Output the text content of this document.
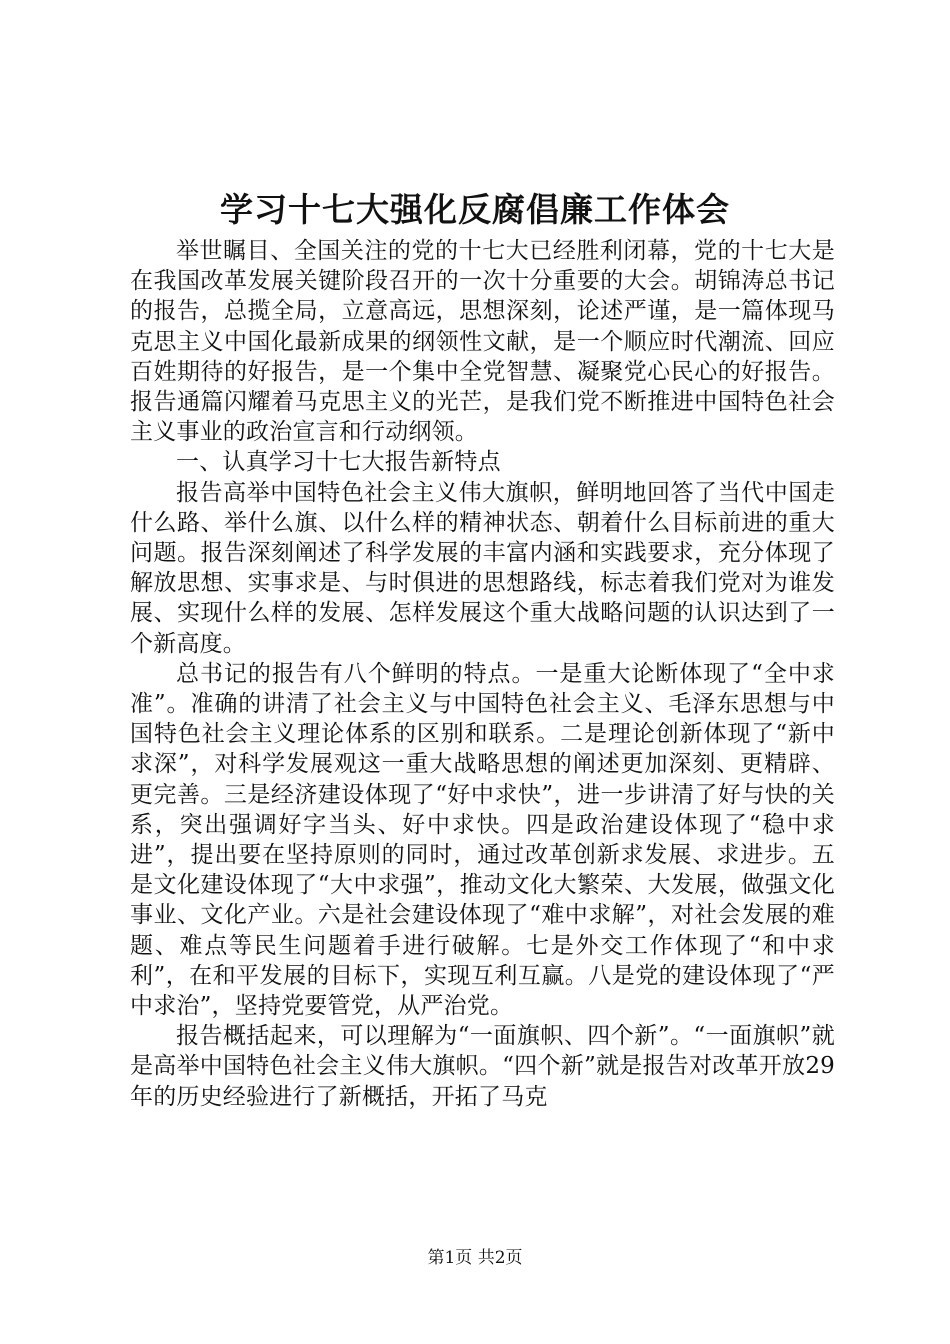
学习十七大强化反腐倡廉工作体会

举世瞩目、全国关注的党的十七大已经胜利闭幕，党的十七大是在我国改革发展关键阶段召开的一次十分重要的大会。胡锦涛总书记的报告，总揽全局，立意高远，思想深刻，论述严谨，是一篇体现马克思主义中国化最新成果的纲领性文献，是一个顺应时代潮流、回应百姓期待的好报告，是一个集中全党智慧、凝聚党心民心的好报告。报告通篇闪耀着马克思主义的光芒，是我们党不断推进中国特色社会主义事业的政治宣言和行动纲领。

一、认真学习十七大报告新特点

报告高举中国特色社会主义伟大旗帜，鲜明地回答了当代中国走什么路、举什么旗、以什么样的精神状态、朝着什么目标前进的重大问题。报告深刻阐述了科学发展的丰富内涵和实践要求，充分体现了解放思想、实事求是、与时俱进的思想路线，标志着我们党对为谁发展、实现什么样的发展、怎样发展这个重大战略问题的认识达到了一个新高度。

总书记的报告有八个鲜明的特点。一是重大论断体现了“全中求准”。准确的讲清了社会主义与中国特色社会主义、毛泽东思想与中国特色社会主义理论体系的区别和联系。二是理论创新体现了“新中求深”，对科学发展观这一重大战略思想的阐述更加深刻、更精辟、更完善。三是经济建设体现了“好中求快”，进一步讲清了好与快的关系，突出强调好字当头、好中求快。四是政治建设体现了“稳中求进”，提出要在坚持原则的同时，通过改革创新求发展、求进步。五是文化建设体现了“大中求强”，推动文化大繁荣、大发展，做强文化事业、文化产业。六是社会建设体现了“难中求解”，对社会发展的难题、难点等民生问题着手进行破解。七是外交工作体现了“和中求利”，在和平发展的目标下，实现互利互赢。八是党的建设体现了“严中求治”，坚持党要管党，从严治党。

报告概括起来，可以理解为“一面旗帜、四个新”。“一面旗帜”就是高举中国特色社会主义伟大旗帜。“四个新”就是报告对改革开放29年的历史经验进行了新概括，开拓了马克

第1页 共2页
